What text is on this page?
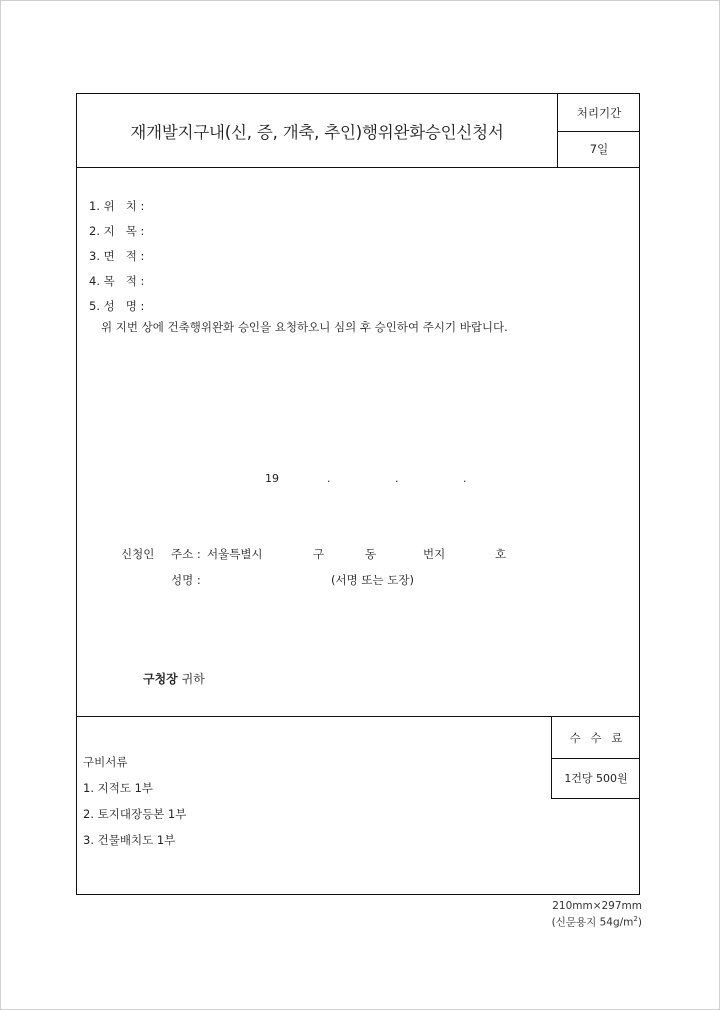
재개발지구내(신, 증, 개축, 추인)행위완화승인신청서
처리기간
7일
1. 위   치 :
2. 지   목 :
3. 면   적 :
4. 목   적 :
5. 성   명 :
위 지번 상에 건축행위완화 승인을 요청하오니 심의 후 승인하여 주시기 바랍니다.
19	.	.	.
신청인 주소 : 서울특별시	구	동	번지	호
성명 :	(서명 또는 도장)
구청장 귀하
구비서류
1. 지적도 1부
2. 토지대장등본 1부
3. 건물배치도 1부
수 수 료
1건당 500원
210mm×297mm
(신문용지 $54g/m^2$)
